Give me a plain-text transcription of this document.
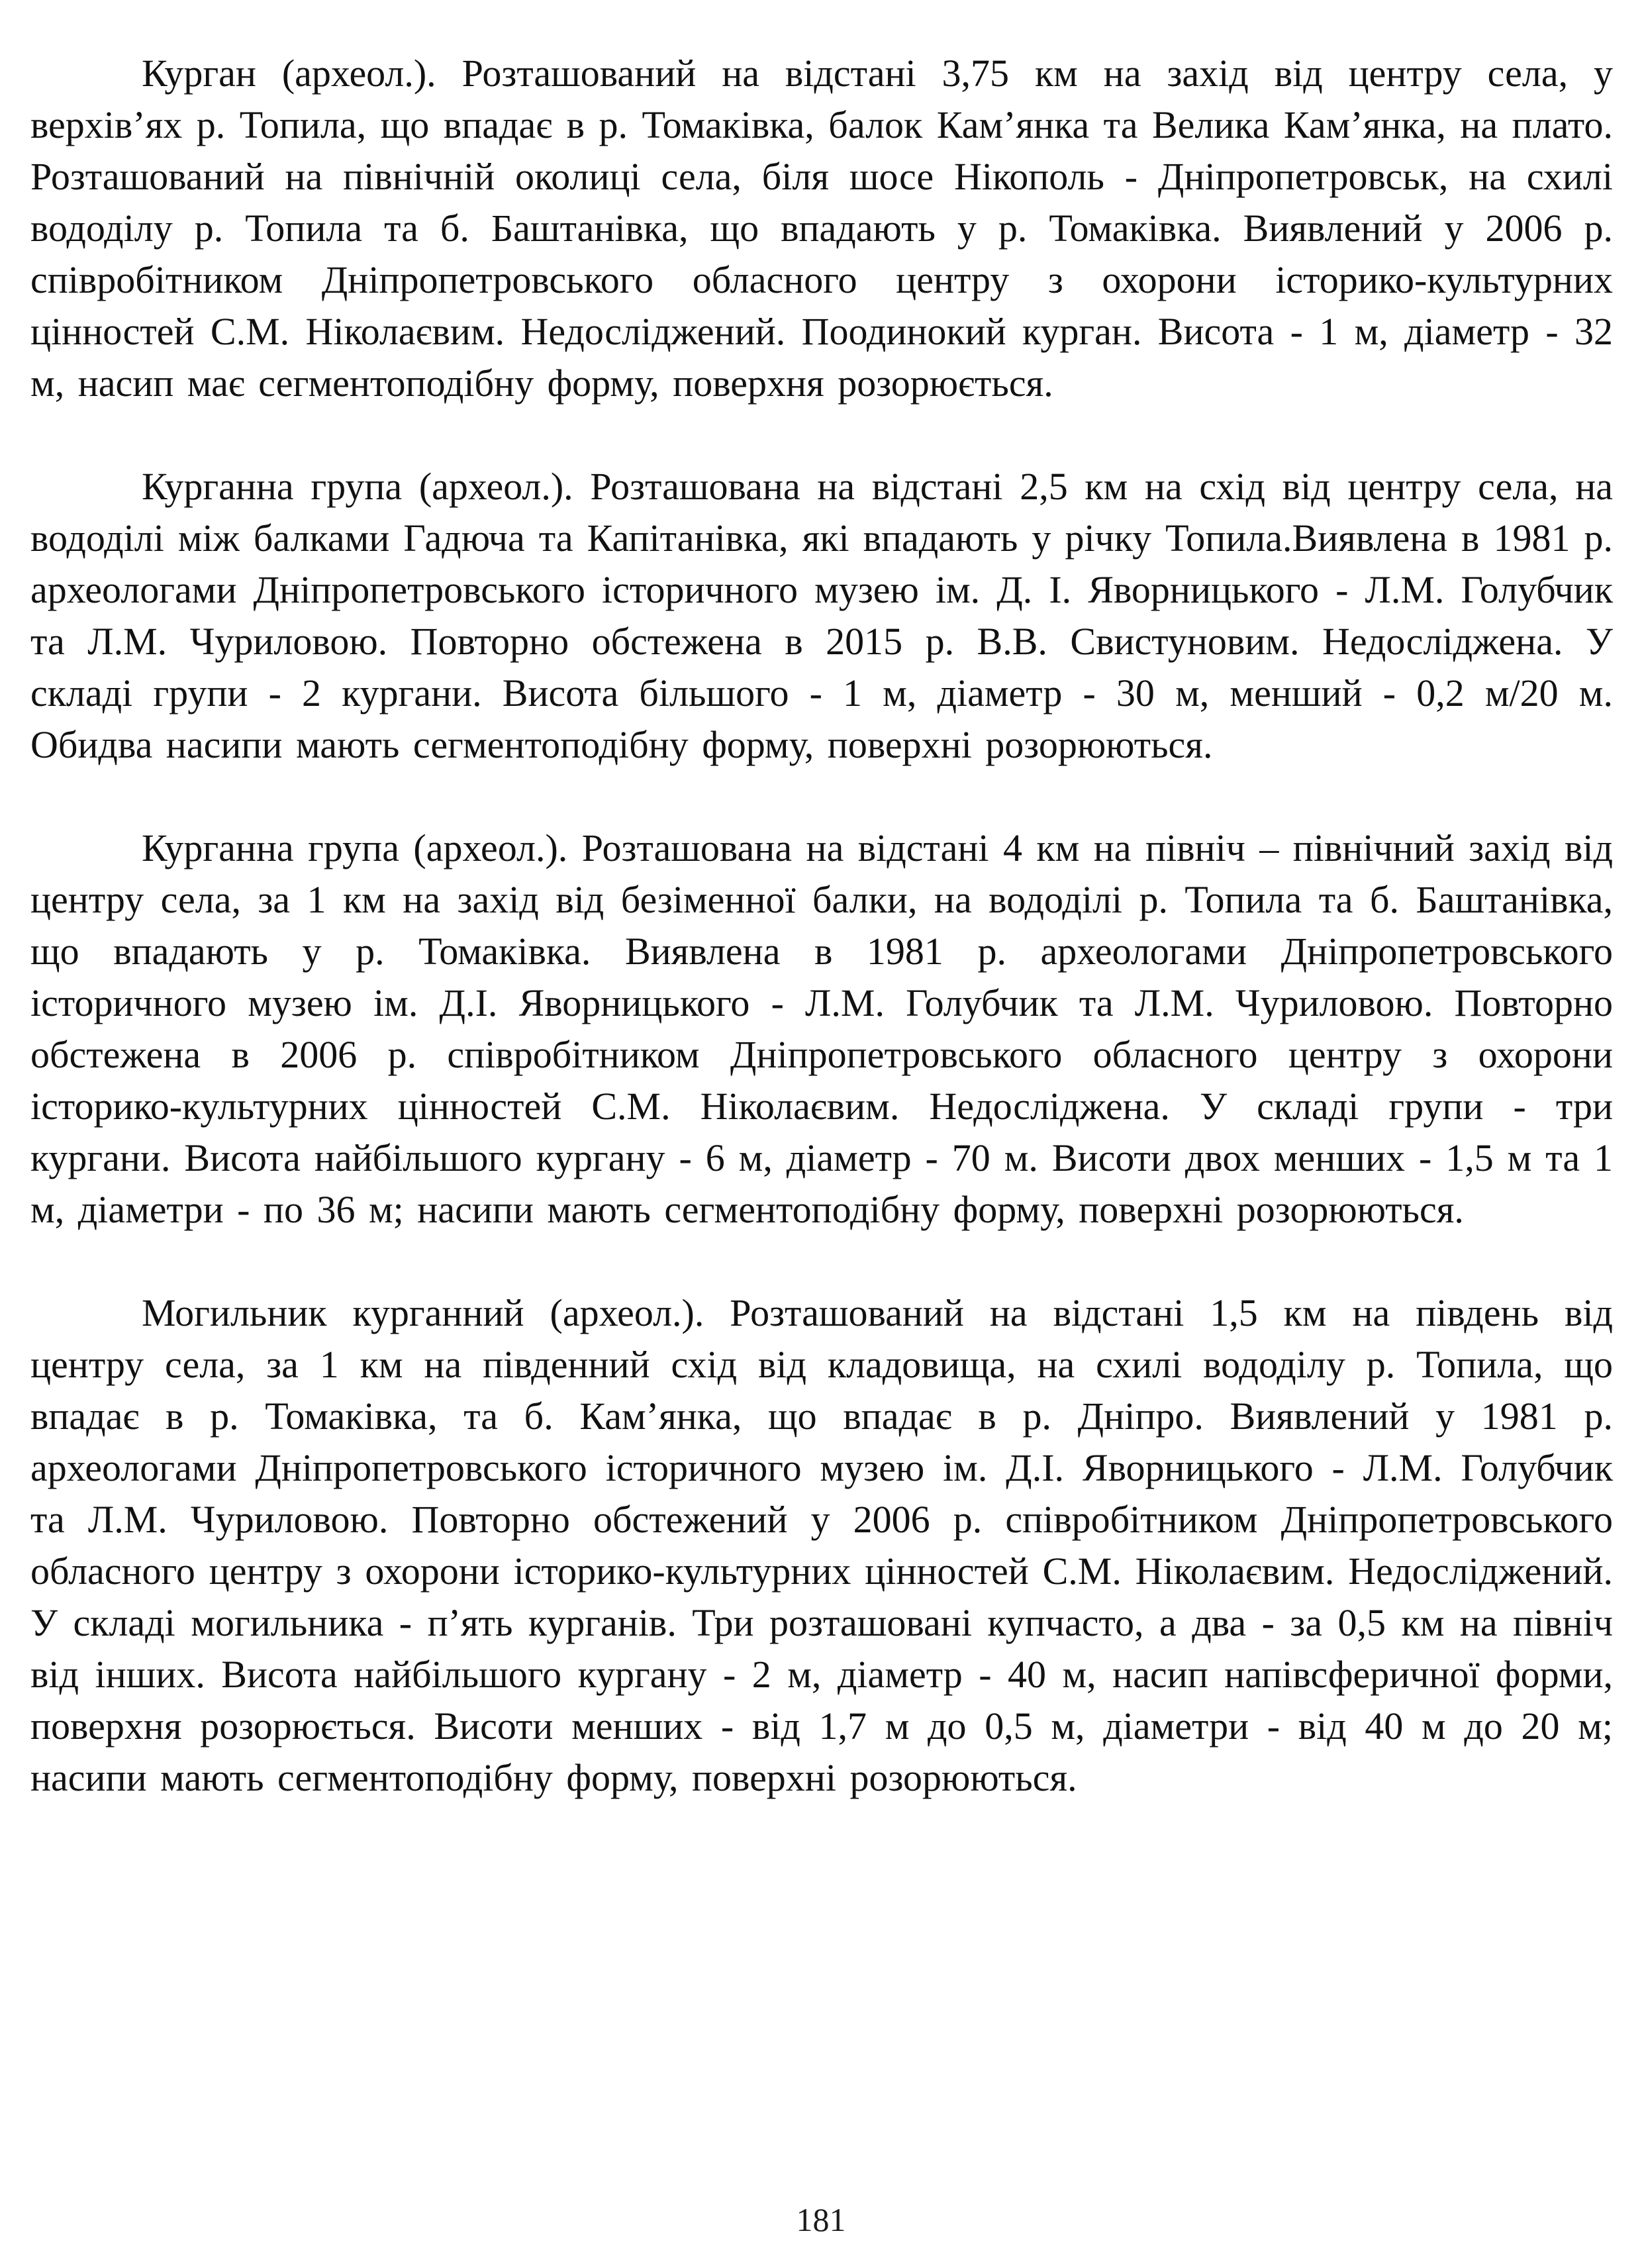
Курган (археол.). Розташований на відстані 3,75 км на захід від центру села, у верхів’ях р. Топила, що впадає в р. Томаківка, балок Кам’янка та Велика Кам’янка, на плато. Розташований на північній околиці села, біля шосе Нікополь - Дніпропетровськ, на схилі вододілу р. Топила та б. Баштанівка, що впадають у р. Томаківка. Виявлений у 2006 р. співробітником Дніпропетровського обласного центру з охорони історико-культурних цінностей С.М. Ніколаєвим. Недосліджений. Поодинокий курган. Висота - 1 м, діаметр - 32 м, насип має сегментоподібну форму, поверхня розорюється.

Курганна група (археол.). Розташована на відстані 2,5 км на схід від центру села, на вододілі між балками Гадюча та Капітанівка, які впадають у річку Топила.Виявлена в 1981 р. археологами Дніпропетровського історичного музею ім. Д. І. Яворницького - Л.М. Голубчик та Л.М. Чуриловою. Повторно обстежена в 2015 р. В.В. Свистуновим. Недосліджена. У складі групи - 2 кургани. Висота більшого - 1 м, діаметр - 30 м, менший - 0,2 м/20 м. Обидва насипи мають сегментоподібну форму, поверхні розорюються.

Курганна група (археол.). Розташована на відстані 4 км на північ – північний захід від центру села, за 1 км на захід від безіменної балки, на вододілі р. Топила та б. Баштанівка, що впадають у р. Томаківка. Виявлена в 1981 р. археологами Дніпропетровського історичного музею ім. Д.І. Яворницького - Л.М. Голубчик та Л.М. Чуриловою. Повторно обстежена в 2006 р. співробітником Дніпропетровського обласного центру з охорони історико-культурних цінностей С.М. Ніколаєвим. Недосліджена. У складі групи - три кургани. Висота найбільшого кургану - 6 м, діаметр - 70 м. Висоти двох менших - 1,5 м та 1 м, діаметри - по 36 м; насипи мають сегментоподібну форму, поверхні розорюються.

Могильник курганний (археол.). Розташований на відстані 1,5 км на південь від центру села, за 1 км на південний схід від кладовища, на схилі вододілу р. Топила, що впадає в р. Томаківка, та б. Кам’янка, що впадає в р. Дніпро. Виявлений у 1981 р. археологами Дніпропетровського історичного музею ім. Д.І. Яворницького - Л.М. Голубчик та Л.М. Чуриловою. Повторно обстежений у 2006 р. співробітником Дніпропетровського обласного центру з охорони історико-культурних цінностей С.М. Ніколаєвим. Недосліджений. У складі могильника - п’ять курганів. Три розташовані купчасто, а два - за 0,5 км на північ від інших. Висота найбільшого кургану - 2 м, діаметр - 40 м, насип напівсферичної форми, поверхня розорюється. Висоти менших - від 1,7 м до 0,5 м, діаметри - від 40 м до 20 м; насипи мають сегментоподібну форму, поверхні розорюються.

181
